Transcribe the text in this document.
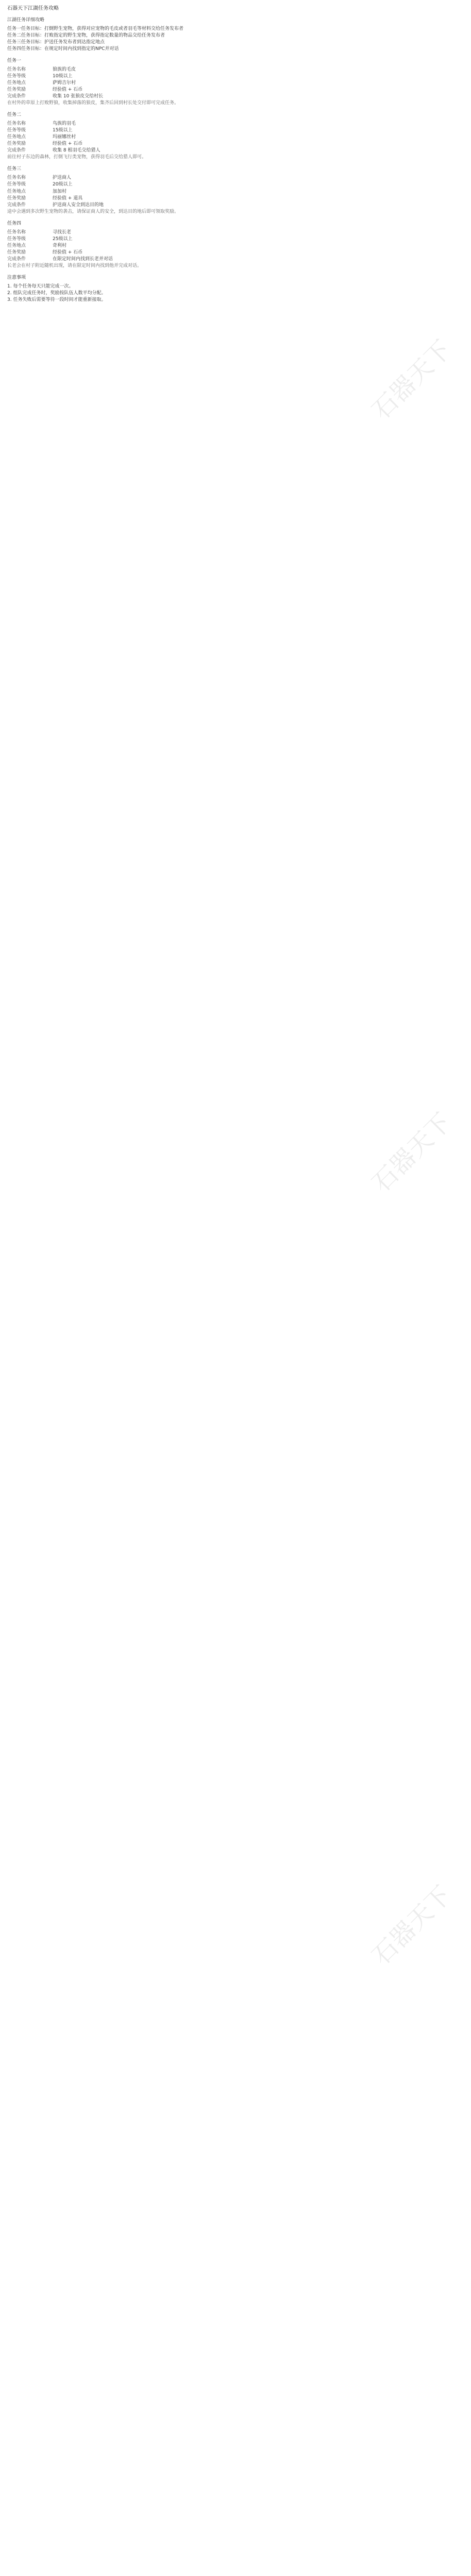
石器天下江湖任务攻略

江湖任务详细攻略

任务一任务目标：打倒野生宠物，获得对应宠物的毛皮或者羽毛等材料交给任务发布者

任务二任务目标：打败指定的野生宠物，获得指定数量的物品交给任务发布者

任务三任务目标：护送任务发布者到达指定地点

任务四任务目标：在规定时间内找到指定的NPC并对话

任务一

任务名称	狼族的毛皮
任务等级	10级以上
任务地点	萨姆吉尔村
任务奖励	经验值 + 石币
完成条件	收集 10 张狼皮交给村长

在村外的草原上打败野狼，收集掉落的狼皮，集齐后回到村长处交付即可完成任务。

任务二

任务名称	鸟族的羽毛
任务等级	15级以上
任务地点	玛丽娜丝村
任务奖励	经验值 + 石币
完成条件	收集 8 根羽毛交给猎人

前往村子东边的森林，打倒飞行类宠物，获得羽毛后交给猎人即可。

任务三

任务名称	护送商人
任务等级	20级以上
任务地点	加加村
任务奖励	经验值 + 道具
完成条件	护送商人安全到达目的地

途中会遇到多次野生宠物的袭击，请保证商人的安全，到达目的地后即可领取奖励。

任务四

任务名称	寻找长老
任务等级	25级以上
任务地点	奇利村
任务奖励	经验值 + 石币
完成条件	在限定时间内找到长老并对话

长老会在村子附近随机出现，请在限定时间内找到他并完成对话。

注意事项

1. 每个任务每天只能完成一次。

2. 组队完成任务时，奖励按队伍人数平均分配。

3. 任务失败后需要等待一段时间才能重新接取。

石器天下
石器天下
石器天下
